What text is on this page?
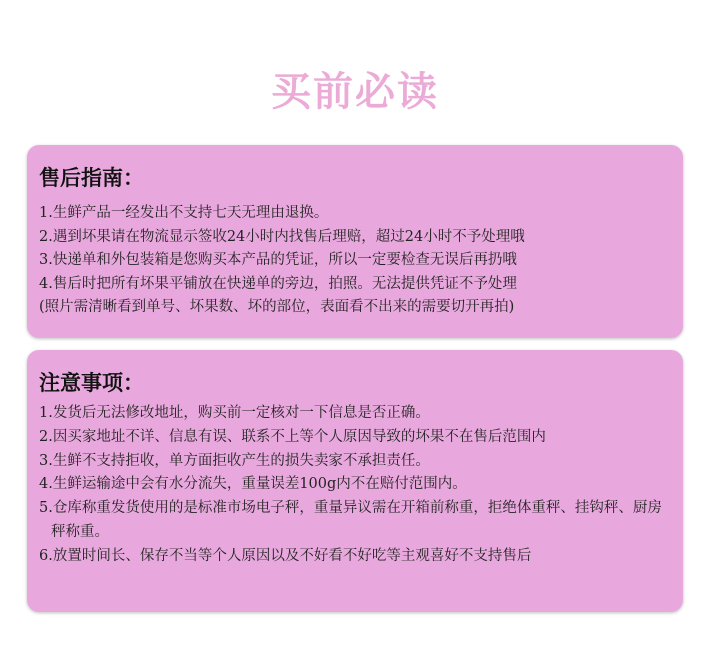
买前必读
售后指南：
1.生鲜产品一经发出不支持七天无理由退换。
2.遇到坏果请在物流显示签收24小时内找售后理赔，超过24小时不予处理哦
3.快递单和外包装箱是您购买本产品的凭证，所以一定要检查无误后再扔哦
4.售后时把所有坏果平铺放在快递单的旁边，拍照。无法提供凭证不予处理
(照片需清晰看到单号、坏果数、坏的部位，表面看不出来的需要切开再拍)
注意事项：
1.发货后无法修改地址，购买前一定核对一下信息是否正确。
2.因买家地址不详、信息有误、联系不上等个人原因导致的坏果不在售后范围内
3.生鲜不支持拒收，单方面拒收产生的损失卖家不承担责任。
4.生鲜运输途中会有水分流失，重量误差100g内不在赔付范围内。
5.仓库称重发货使用的是标准市场电子秤，重量异议需在开箱前称重，拒绝体重秤、挂钩秤、厨房秤称重。
6.放置时间长、保存不当等个人原因以及不好看不好吃等主观喜好不支持售后
